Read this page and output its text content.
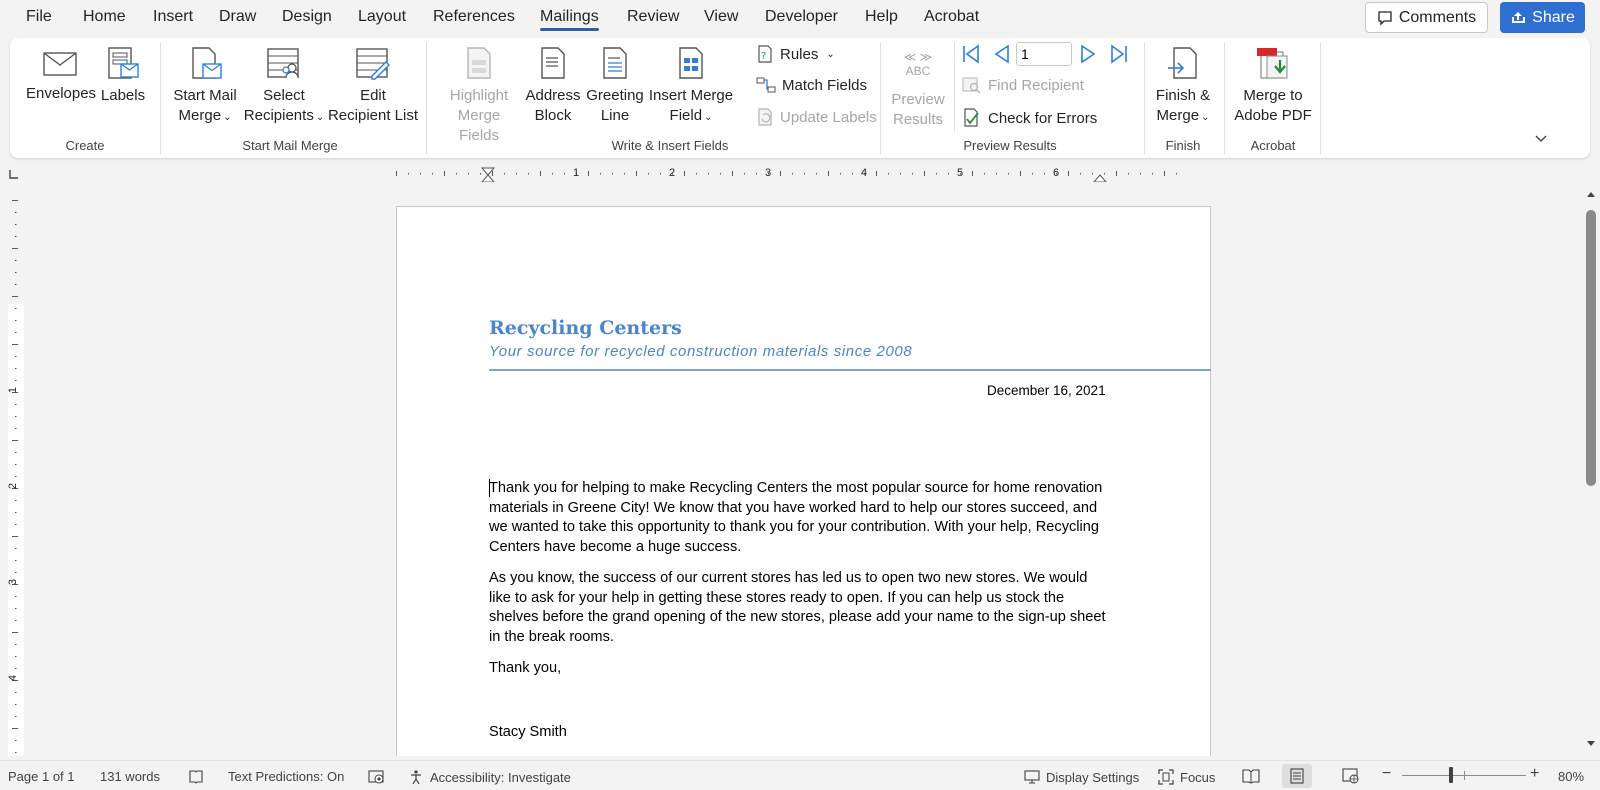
File Home Insert Draw Design Layout References Mailings Review View Developer Help Acrobat	Comments	Share
Envelopes Labels
Create
Start Mail
Merge ⌄
Select
Recipients ⌄
Edit
Recipient List
Start Mail Merge
Highlight
Merge Fields
Address
Block
Greeting
Line
Insert Merge
Field ⌄
? Rules ⌄
Match Fields
Update Labels
Write & Insert Fields
≪ ≫
ABC
Preview
Results
1
Find Recipient
Check for Errors
Preview Results
Finish &
Merge ⌄
Finish
Merge to
Adobe PDF
Acrobat
1	2	3	4	5	6
1
2
3
4
Recycling Centers
Your source for recycled construction materials since 2008
December 16, 2021
Thank you for helping to make Recycling Centers the most popular source for home renovation materials in Greene City! We know that you have worked hard to help our stores succeed, and we wanted to take this opportunity to thank you for your contribution. With your help, Recycling Centers have become a huge success.
As you know, the success of our current stores has led us to open two new stores. We would like to ask for your help in getting these stores ready to open. If you can help us stock the shelves before the grand opening of the new stores, please add your name to the sign-up sheet in the break rooms.
Thank you,
Stacy Smith
Page 1 of 1 131 words	Text Predictions: On	Accessibility: Investigate	Display Settings	Focus	−	+ 80%
